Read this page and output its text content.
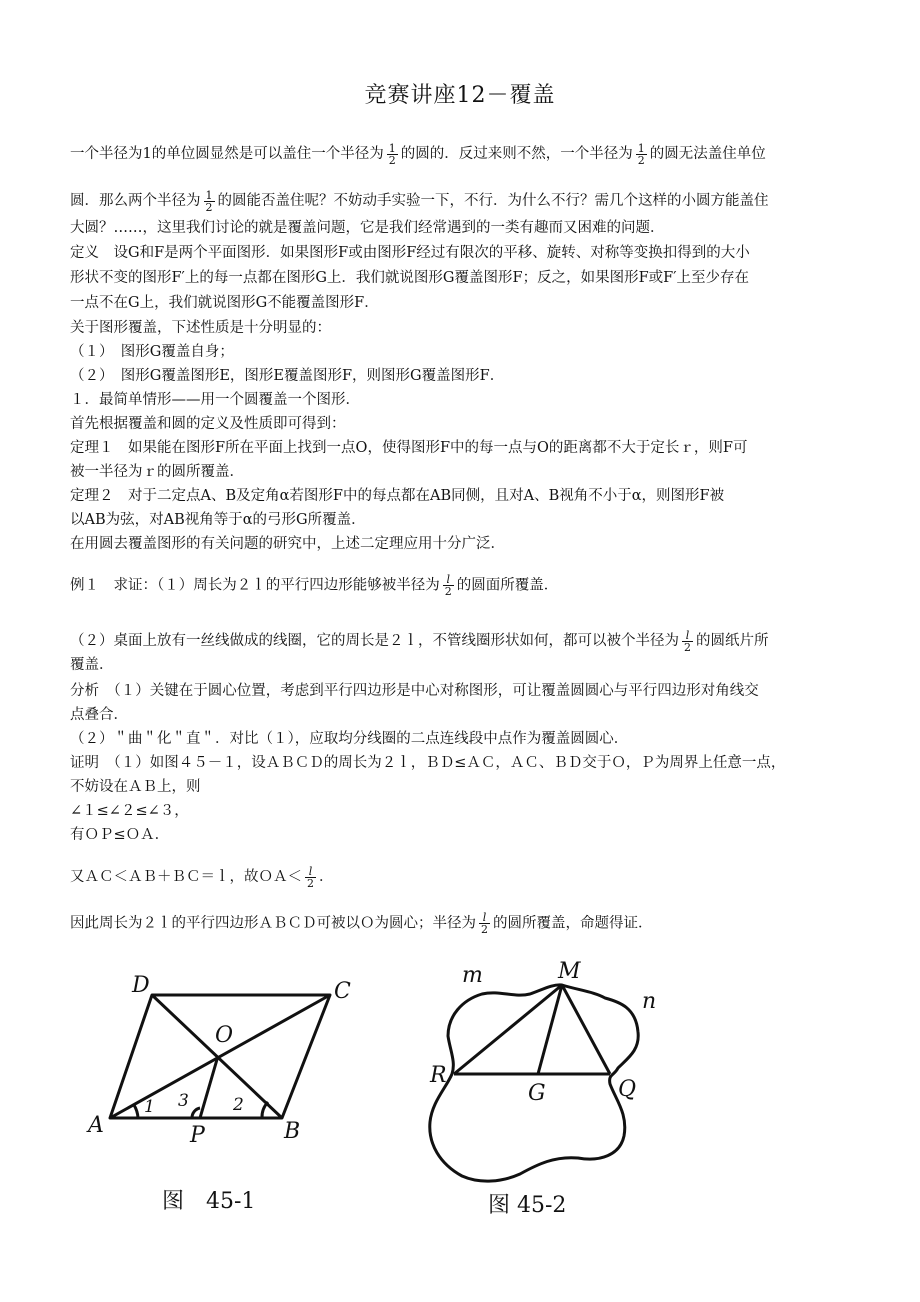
竞赛讲座12－覆盖
一个半径为1的单位圆显然是可以盖住一个半径为 $\frac{1}{2}$ 的圆的．反过来则不然，一个半径为 $\frac{1}{2}$ 的圆无法盖住单位
圆．那么两个半径为 $\frac{1}{2}$ 的圆能否盖住呢？不妨动手实验一下，不行．为什么不行？需几个这样的小圆方能盖住
大圆？……，这里我们讨论的就是覆盖问题，它是我们经常遇到的一类有趣而又困难的问题．
定义　设G和F是两个平面图形．如果图形F或由图形F经过有限次的平移、旋转、对称等变换扣得到的大小
形状不变的图形F′上的每一点都在图形G上．我们就说图形G覆盖图形F；反之，如果图形F或F′上至少存在
一点不在G上，我们就说图形G不能覆盖图形F．
关于图形覆盖，下述性质是十分明显的：
（１）　图形G覆盖自身；
（２）　图形G覆盖图形E，图形E覆盖图形F，则图形G覆盖图形F．
１．最简单情形——用一个圆覆盖一个图形．
首先根据覆盖和圆的定义及性质即可得到：
定理１　如果能在图形F所在平面上找到一点O，使得图形F中的每一点与O的距离都不大于定长ｒ，则F可
被一半径为ｒ的圆所覆盖．
定理２　对于二定点A、B及定角α若图形F中的每点都在AB同侧，且对A、B视角不小于α，则图形F被
以AB为弦，对AB视角等于α的弓形G所覆盖．
在用圆去覆盖图形的有关问题的研究中，上述二定理应用十分广泛．
例１　求证：（１）周长为２ｌ的平行四边形能够被半径为 $\frac{l}{2}$ 的圆面所覆盖．
（２）桌面上放有一丝线做成的线圈，它的周长是２ｌ，不管线圈形状如何，都可以被个半径为 $\frac{l}{2}$ 的圆纸片所
覆盖．
分析　（１）关键在于圆心位置，考虑到平行四边形是中心对称图形，可让覆盖圆圆心与平行四边形对角线交
点叠合．
（２）＂曲＂化＂直＂．对比（１），应取均分线圈的二点连线段中点作为覆盖圆圆心．
证明　（１）如图４５－１，设ＡＢＣＤ的周长为２ｌ，ＢＤ≤ＡＣ，ＡＣ、ＢＤ交于Ｏ，Ｐ为周界上任意一点，
不妨设在ＡＢ上，则
∠１≤∠２≤∠３，
有ＯＰ≤ＯＡ．
又ＡＣ＜ＡＢ＋ＢＣ＝ｌ，故ＯＡ＜ $\frac{l}{2}$ ．
因此周长为２ｌ的平行四边形ＡＢＣＤ可被以Ｏ为圆心；半径为 $\frac{l}{2}$ 的圆所覆盖，命题得证．
A	B
C
D
O
P
1 3	2
图　45-1
M
R
Q
G
m
n
图 45-2
